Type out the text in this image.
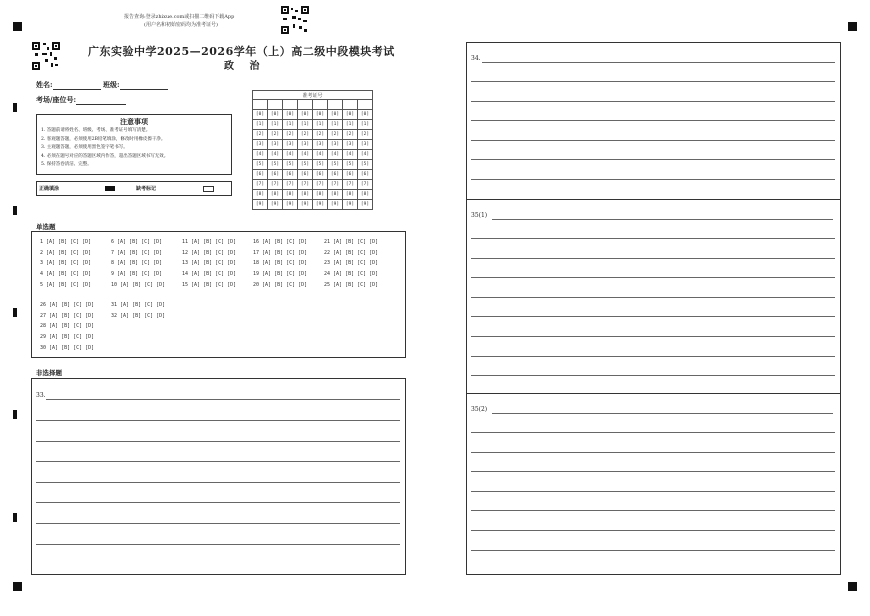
报告查询:登录zhixue.com或扫描二维码下载App
(用户名和初始密码均为准考证号)
广东实验中学2025—2026学年（上）高二级中段模块考试
政 治
姓名:	班级:
考场/座位号:	准考证号							

[0]	[0]	[0]	[0]	[0]	[0]	[0]	[0]
[1]	[1]	[1]	[1]	[1]	[1]	[1]	[1]
[2]	[2]	[2]	[2]	[2]	[2]	[2]	[2]
[3]	[3]	[3]	[3]	[3]	[3]	[3]	[3]
[4]	[4]	[4]	[4]	[4]	[4]	[4]	[4]
[5]	[5]	[5]	[5]	[5]	[5]	[5]	[5]
[6]	[6]	[6]	[6]	[6]	[6]	[6]	[6]
[7]	[7]	[7]	[7]	[7]	[7]	[7]	[7]
[8]	[8]	[8]	[8]	[8]	[8]	[8]	[8]
[9]	[9]	[9]	[9]	[9]	[9]	[9]	[9]
注意事项
1. 答题前请将姓名、班级、考场、准考证号填写清楚。
2. 客观题答题，必须使用2B铅笔填涂，修改时用橡皮擦干净。
3. 主观题答题，必须使用黑色签字笔书写。
4. 必须在题号对应的答题区域内作答，超出答题区域书写无效。
5. 保持答卷清洁、完整。
正确填涂	缺考标记
单选题
1 [A] [B] [C] [D]	6 [A] [B] [C] [D]	11 [A] [B] [C] [D]	16 [A] [B] [C] [D]	21 [A] [B] [C] [D]
2 [A] [B] [C] [D]	7 [A] [B] [C] [D]	12 [A] [B] [C] [D]	17 [A] [B] [C] [D]	22 [A] [B] [C] [D]
3 [A] [B] [C] [D]	8 [A] [B] [C] [D]	13 [A] [B] [C] [D]	18 [A] [B] [C] [D]	23 [A] [B] [C] [D]
4 [A] [B] [C] [D]	9 [A] [B] [C] [D]	14 [A] [B] [C] [D]	19 [A] [B] [C] [D]	24 [A] [B] [C] [D]
5 [A] [B] [C] [D]	10 [A] [B] [C] [D]	15 [A] [B] [C] [D]	20 [A] [B] [C] [D]	25 [A] [B] [C] [D]
26 [A] [B] [C] [D]	31 [A] [B] [C] [D]
27 [A] [B] [C] [D]	32 [A] [B] [C] [D]
28 [A] [B] [C] [D]
29 [A] [B] [C] [D]
30 [A] [B] [C] [D]
非选择题
33.
34.
35(1)
35(2)
